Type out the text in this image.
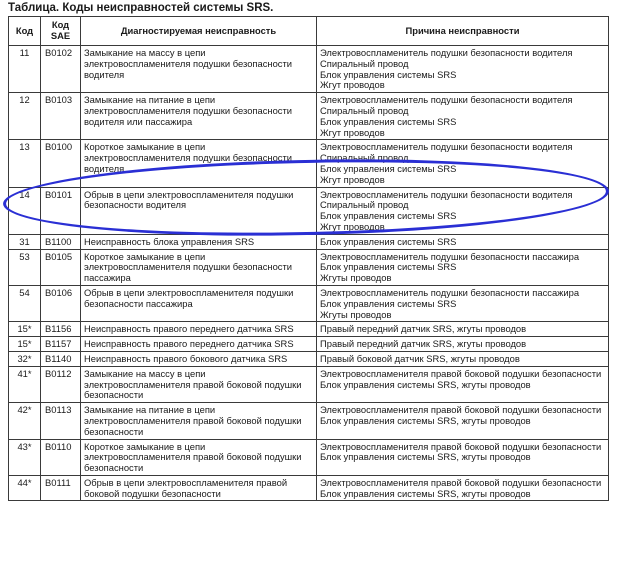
Таблица. Коды неисправностей системы SRS.
Код	Код SAE	Диагностируемая неисправность	Причина неисправности
11	B0102	Замыкание на массу в цепи электровоспламенителя подушки безопасности водителя	Электровоспламенитель подушки безопасности водителя
Спиральный провод
Блок управления системы SRS
Жгут проводов

12	B0103	Замыкание на питание в цепи электровоспламенителя подушки безопасности водителя или пассажира	Электровоспламенитель подушки безопасности водителя
Спиральный провод
Блок управления системы SRS
Жгут проводов

13	B0100	Короткое замыкание в цепи электровоспламенителя подушки безопасности водителя	Электровоспламенитель подушки безопасности водителя
Спиральный провод
Блок управления системы SRS
Жгут проводов

14	B0101	Обрыв в цепи электровоспламенителя подушки безопасности водителя	Электровоспламенитель подушки безопасности водителя
Спиральный провод
Блок управления системы SRS
Жгут проводов

31	B1100	Неисправность блока управления SRS	Блок управления системы SRS

53	B0105	Короткое замыкание в цепи электровоспламенителя подушки безопасности пассажира	Электровоспламенитель подушки безопасности пассажира
Блок управления системы SRS
Жгуты проводов

54	B0106	Обрыв в цепи электровоспламенителя подушки безопасности пассажира	Электровоспламенитель подушки безопасности пассажира
Блок управления системы SRS
Жгуты проводов

15*	B1156	Неисправность правого переднего датчика SRS	Правый передний датчик SRS, жгуты проводов

15*	B1157	Неисправность правого переднего датчика SRS	Правый передний датчик SRS, жгуты проводов

32*	B1140	Неисправность правого бокового датчика SRS	Правый боковой датчик SRS, жгуты проводов

41*	B0112	Замыкание на массу в цепи электровоспламенителя правой боковой подушки безопасности	Электровоспламенителя правой боковой подушки безопасности
Блок управления системы SRS, жгуты проводов

42*	B0113	Замыкание на питание в цепи электровоспламенителя правой боковой подушки безопасности	Электровоспламенителя правой боковой подушки безопасности
Блок управления системы SRS, жгуты проводов

43*	B0110	Короткое замыкание в цепи электровоспламенителя правой боковой подушки безопасности	Электровоспламенителя правой боковой подушки безопасности
Блок управления системы SRS, жгуты проводов

44*	B0111	Обрыв в цепи электровоспламенителя правой боковой подушки безопасности	Электровоспламенителя правой боковой подушки безопасности
Блок управления системы SRS, жгуты проводов
